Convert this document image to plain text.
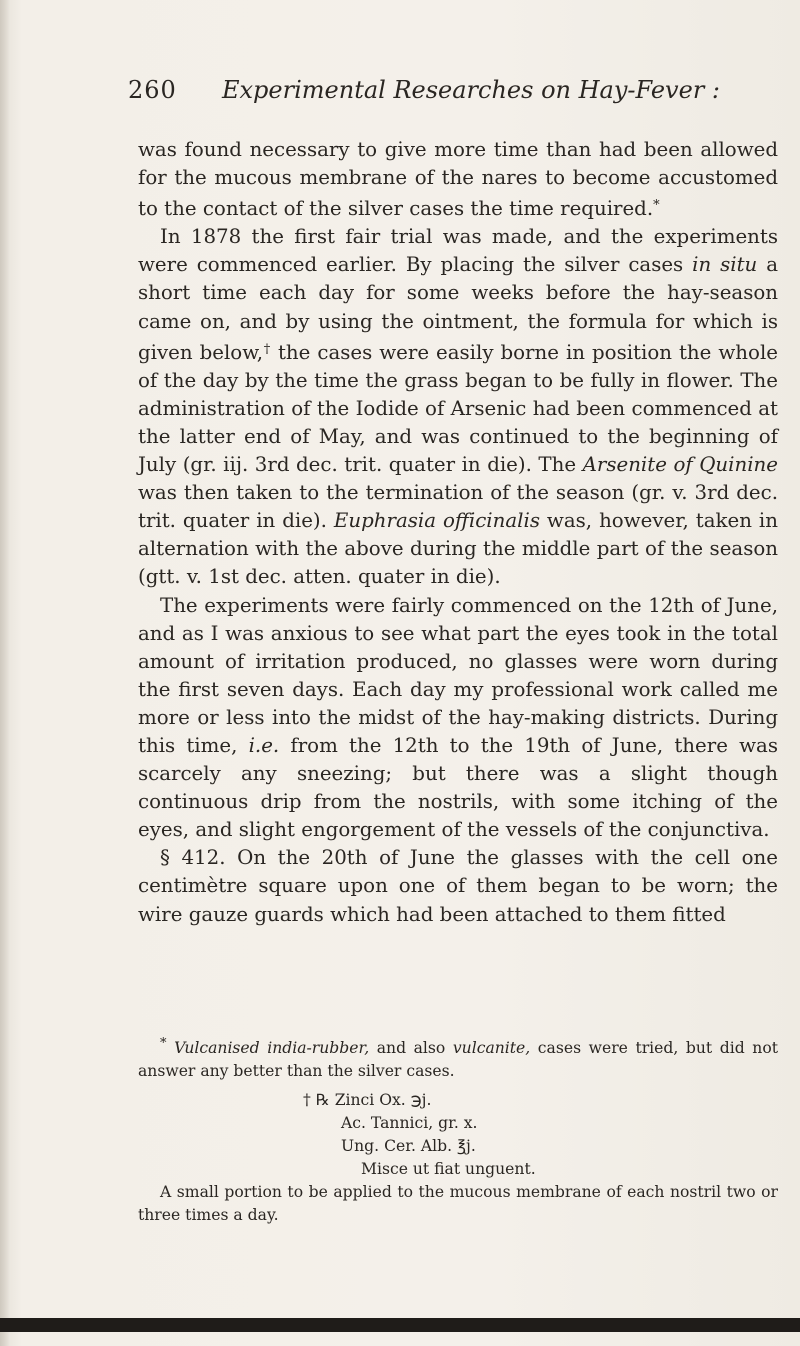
260 Experimental Researches on Hay-Fever :

was found necessary to give more time than had been allowed for the mucous membrane of the nares to become accustomed to the contact of the silver cases the time required.*

In 1878 the first fair trial was made, and the experiments were commenced earlier. By placing the silver cases in situ a short time each day for some weeks before the hay-season came on, and by using the ointment, the formula for which is given below,† the cases were easily borne in position the whole of the day by the time the grass began to be fully in flower. The administration of the Iodide of Arsenic had been commenced at the latter end of May, and was continued to the beginning of July (gr. iij. 3rd dec. trit. quater in die). The Arsenite of Quinine was then taken to the termination of the season (gr. v. 3rd dec. trit. quater in die). Euphrasia officinalis was, however, taken in alternation with the above during the middle part of the season (gtt. v. 1st dec. atten. quater in die).

The experiments were fairly commenced on the 12th of June, and as I was anxious to see what part the eyes took in the total amount of irritation produced, no glasses were worn during the first seven days. Each day my professional work called me more or less into the midst of the hay-making districts. During this time, i.e. from the 12th to the 19th of June, there was scarcely any sneezing; but there was a slight though continuous drip from the nostrils, with some itching of the eyes, and slight engorgement of the vessels of the conjunctiva.

§ 412. On the 20th of June the glasses with the cell one centimètre square upon one of them began to be worn; the wire gauze guards which had been attached to them fitted

* Vulcanised india-rubber, and also vulcanite, cases were tried, but did not answer any better than the silver cases.

† ℞ Zinci Ox. ℈j.

Ac. Tannici, gr. x.

Ung. Cer. Alb. ℥j.

Misce ut fiat unguent.

A small portion to be applied to the mucous membrane of each nostril two or three times a day.
